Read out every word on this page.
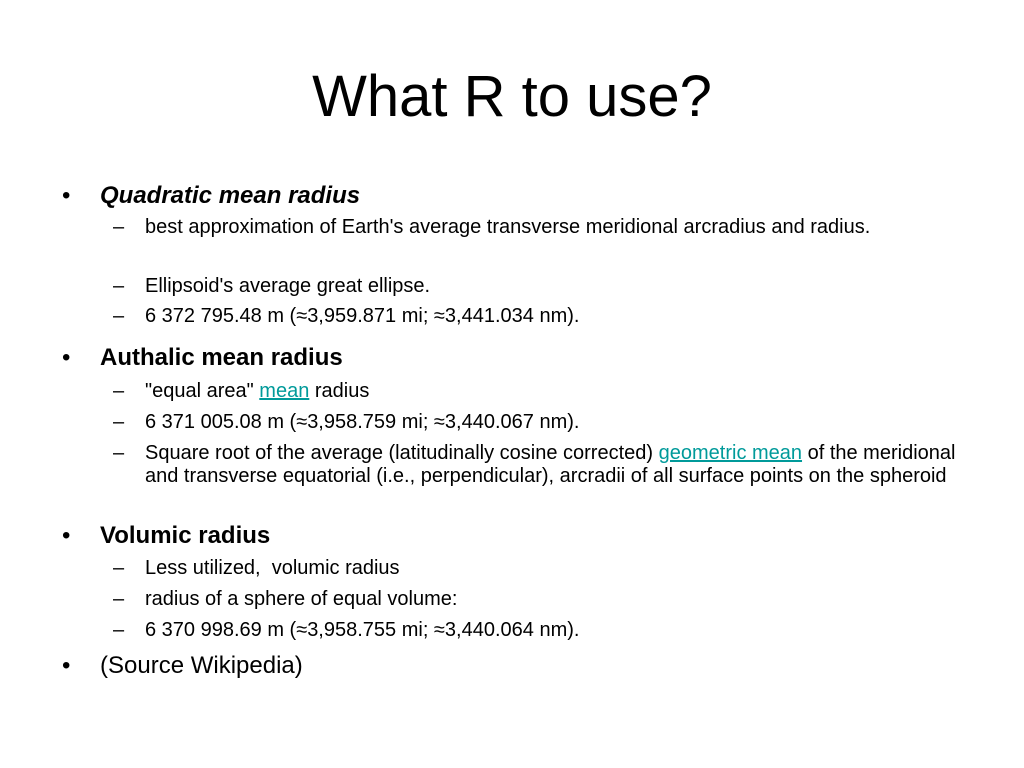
What R to use?
• Quadratic mean radius
– best approximation of Earth's average transverse meridional arcradius and radius.
– Ellipsoid's average great ellipse.
– 6 372 795.48 m (≈3,959.871 mi; ≈3,441.034 nm).
• Authalic mean radius
– "equal area" mean radius
– 6 371 005.08 m (≈3,958.759 mi; ≈3,440.067 nm).
– Square root of the average (latitudinally cosine corrected) geometric mean of the meridional and transverse equatorial (i.e., perpendicular), arcradii of all surface points on the spheroid
• Volumic radius
– Less utilized,  volumic radius
– radius of a sphere of equal volume:
– 6 370 998.69 m (≈3,958.755 mi; ≈3,440.064 nm).
• (Source Wikipedia)
